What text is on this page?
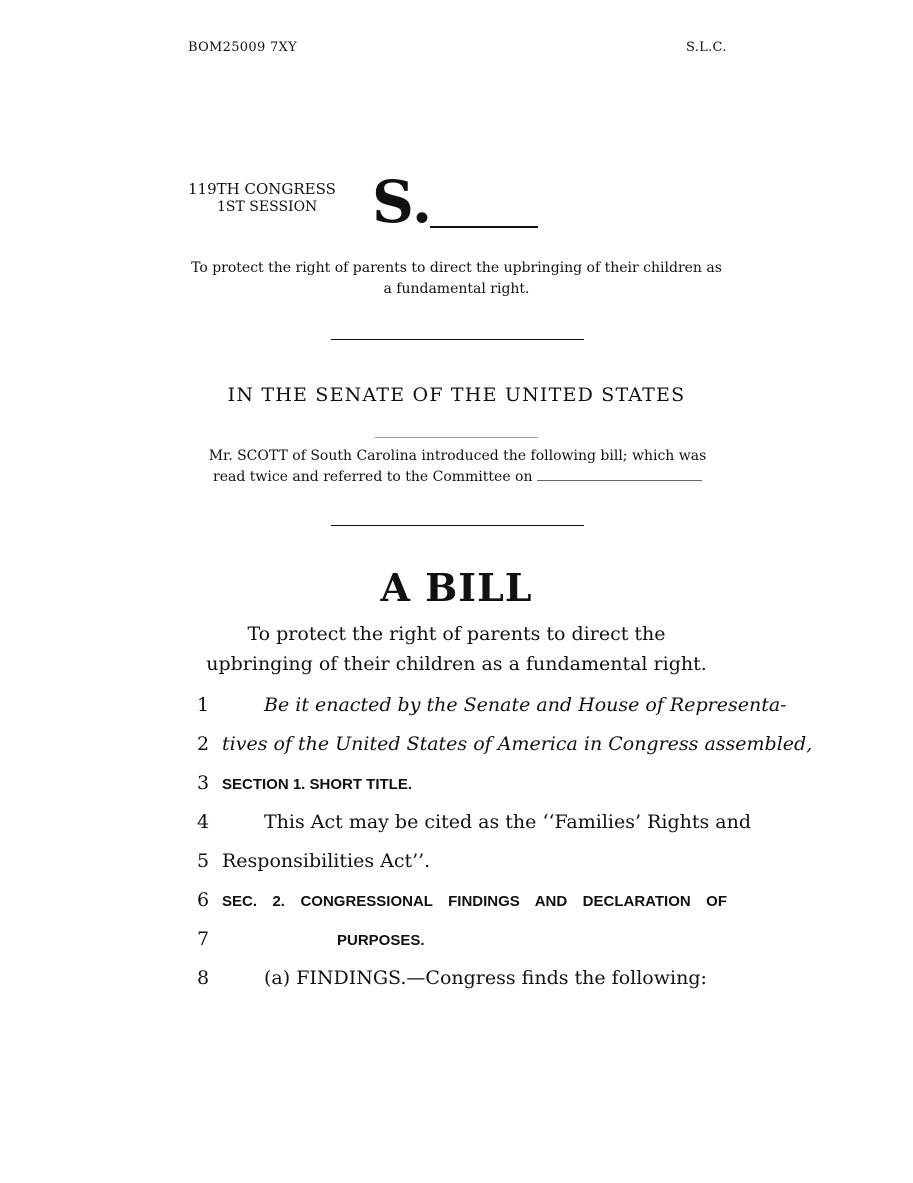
BOM25009 7XY	S.L.C.
119TH CONGRESS
1ST SESSION S.
To protect the right of parents to direct the upbringing of their children as a fundamental right.
IN THE SENATE OF THE UNITED STATES
Mr. SCOTT of South Carolina introduced the following bill; which was read twice and referred to the Committee on
A BILL
To protect the right of parents to direct the upbringing of their children as a fundamental right.
1	Be it enacted by the Senate and House of Representa-
2 tives of the United States of America in Congress assembled,
3 SECTION 1. SHORT TITLE.
4	This Act may be cited as the ‘‘Families’ Rights and
5 Responsibilities Act’’.
6 SEC. 2. CONGRESSIONAL FINDINGS AND DECLARATION OF
7	PURPOSES.
8	(a) FINDINGS.—Congress finds the following:
